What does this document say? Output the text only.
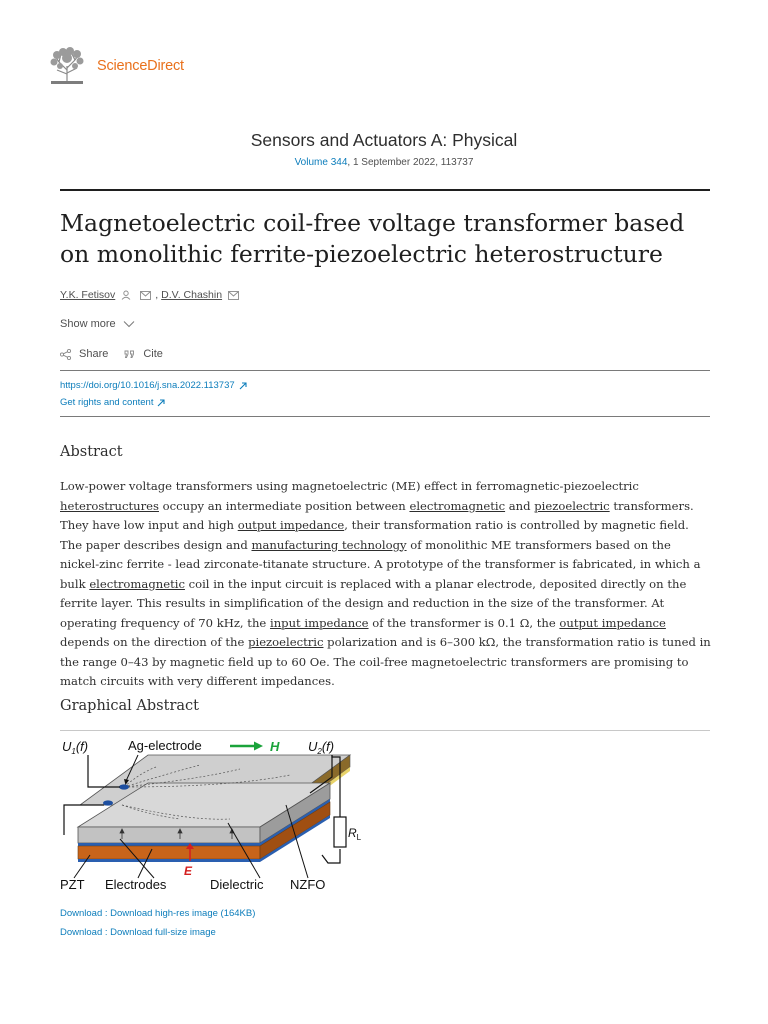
ScienceDirect
Sensors and Actuators A: Physical
Volume 344, 1 September 2022, 113737
Magnetoelectric coil-free voltage transformer based on monolithic ferrite-piezoelectric heterostructure
Y.K. Fetisov	, D.V. Chashin
Show more
Share	Cite
https://doi.org/10.1016/j.sna.2022.113737
Get rights and content
Abstract
Low-power voltage transformers using magnetoelectric (ME) effect in ferromagnetic-piezoelectric heterostructures occupy an intermediate position between electromagnetic and piezoelectric transformers. They have low input and high output impedance, their transformation ratio is controlled by magnetic field. The paper describes design and manufacturing technology of monolithic ME transformers based on the nickel-zinc ferrite - lead zirconate-titanate structure. A prototype of the transformer is fabricated, in which a bulk electromagnetic coil in the input circuit is replaced with a planar electrode, deposited directly on the ferrite layer. This results in simplification of the design and reduction in the size of the transformer. At operating frequency of 70 kHz, the input impedance of the transformer is 0.1 Ω, the output impedance depends on the direction of the piezoelectric polarization and is 6–300 kΩ, the transformation ratio is tuned in the range 0–43 by magnetic field up to 60 Oe. The coil-free magnetoelectric transformers are promising to match circuits with very different impedances.
Graphical Abstract
E
$U_1(f)$	Ag-electrode	H $U_2(f)$
$R_L$
PZT Electrodes	Dielectric NZFO
Download : Download high-res image (164KB)
Download : Download full-size image
